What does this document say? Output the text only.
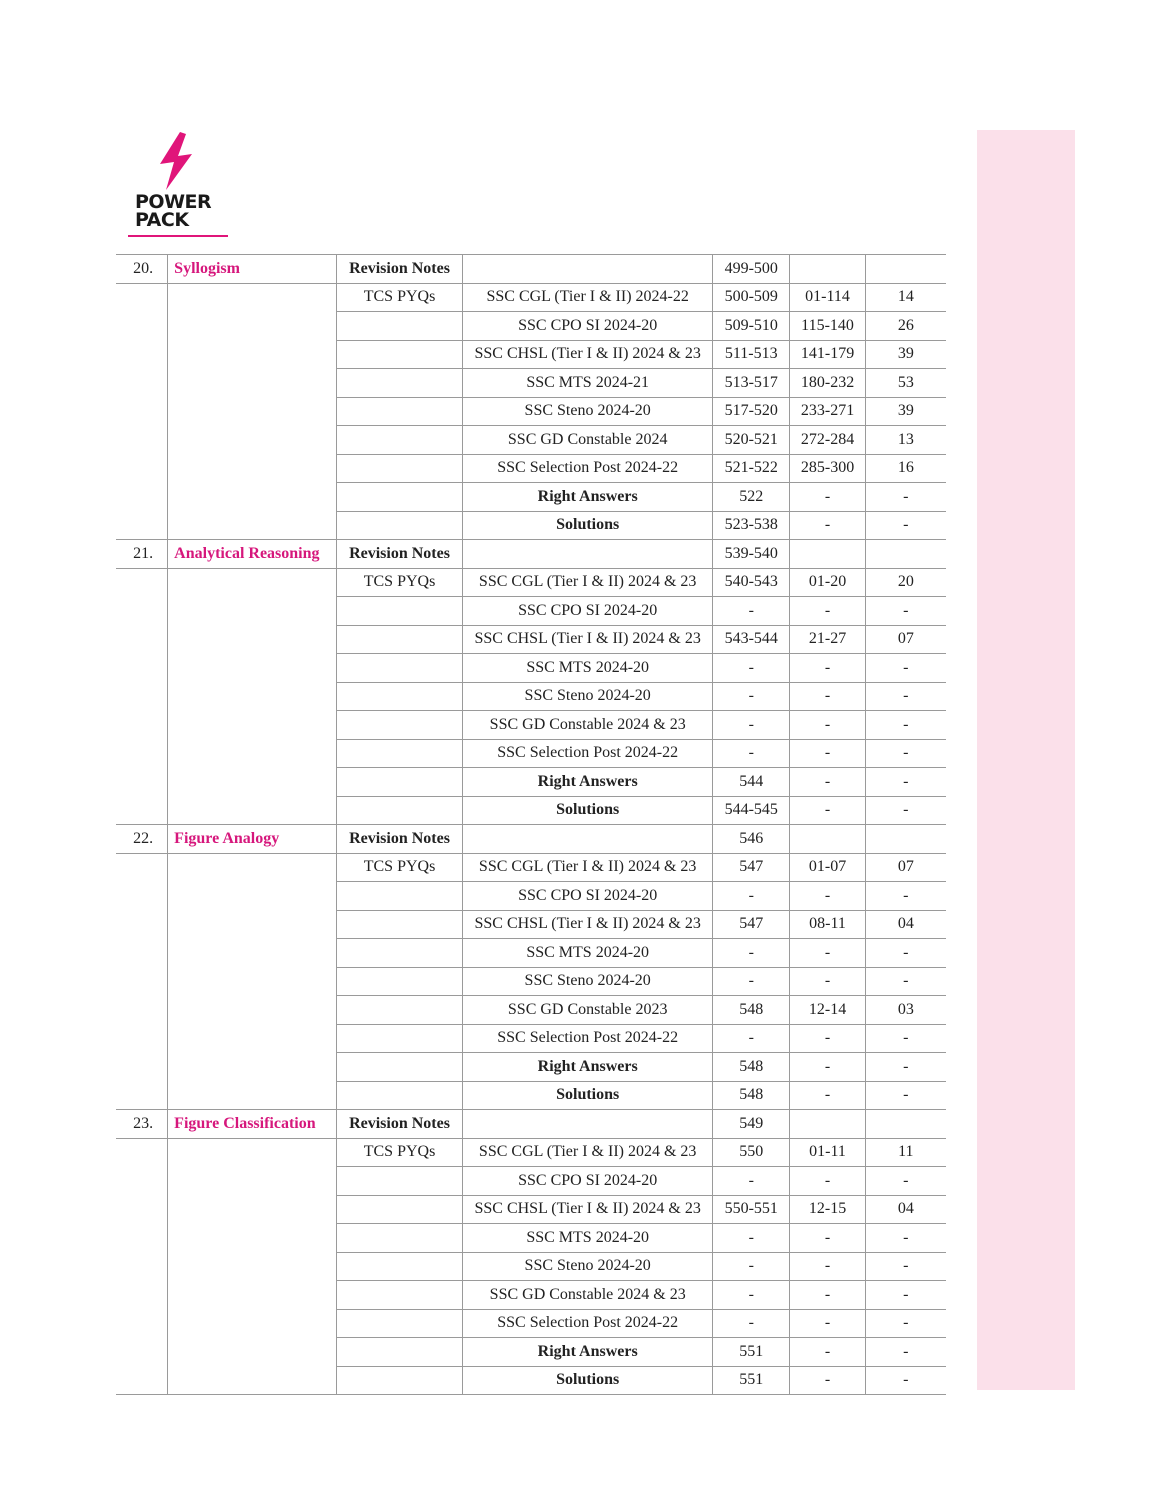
POWER
PACK
20.	Syllogism	Revision Notes		499-500		
		TCS PYQs	SSC CGL (Tier I & II) 2024-22	500-509	01-114	14
			SSC CPO SI 2024-20	509-510	115-140	26
			SSC CHSL (Tier I & II) 2024 & 23	511-513	141-179	39
			SSC MTS 2024-21	513-517	180-232	53
			SSC Steno 2024-20	517-520	233-271	39
			SSC GD Constable 2024	520-521	272-284	13
			SSC Selection Post 2024-22	521-522	285-300	16
			Right Answers	522	-	-
			Solutions	523-538	-	-
21.	Analytical Reasoning	Revision Notes		539-540		
		TCS PYQs	SSC CGL (Tier I & II) 2024 & 23	540-543	01-20	20
			SSC CPO SI 2024-20	-	-	-
			SSC CHSL (Tier I & II) 2024 & 23	543-544	21-27	07
			SSC MTS 2024-20	-	-	-
			SSC Steno 2024-20	-	-	-
			SSC GD Constable 2024 & 23	-	-	-
			SSC Selection Post 2024-22	-	-	-
			Right Answers	544	-	-
			Solutions	544-545	-	-
22.	Figure Analogy	Revision Notes		546		
		TCS PYQs	SSC CGL (Tier I & II) 2024 & 23	547	01-07	07
			SSC CPO SI 2024-20	-	-	-
			SSC CHSL (Tier I & II) 2024 & 23	547	08-11	04
			SSC MTS 2024-20	-	-	-
			SSC Steno 2024-20	-	-	-
			SSC GD Constable 2023	548	12-14	03
			SSC Selection Post 2024-22	-	-	-
			Right Answers	548	-	-
			Solutions	548	-	-
23.	Figure Classification	Revision Notes		549		
		TCS PYQs	SSC CGL (Tier I & II) 2024 & 23	550	01-11	11
			SSC CPO SI 2024-20	-	-	-
			SSC CHSL (Tier I & II) 2024 & 23	550-551	12-15	04
			SSC MTS 2024-20	-	-	-
			SSC Steno 2024-20	-	-	-
			SSC GD Constable 2024 & 23	-	-	-
			SSC Selection Post 2024-22	-	-	-
			Right Answers	551	-	-
			Solutions	551	-	-
